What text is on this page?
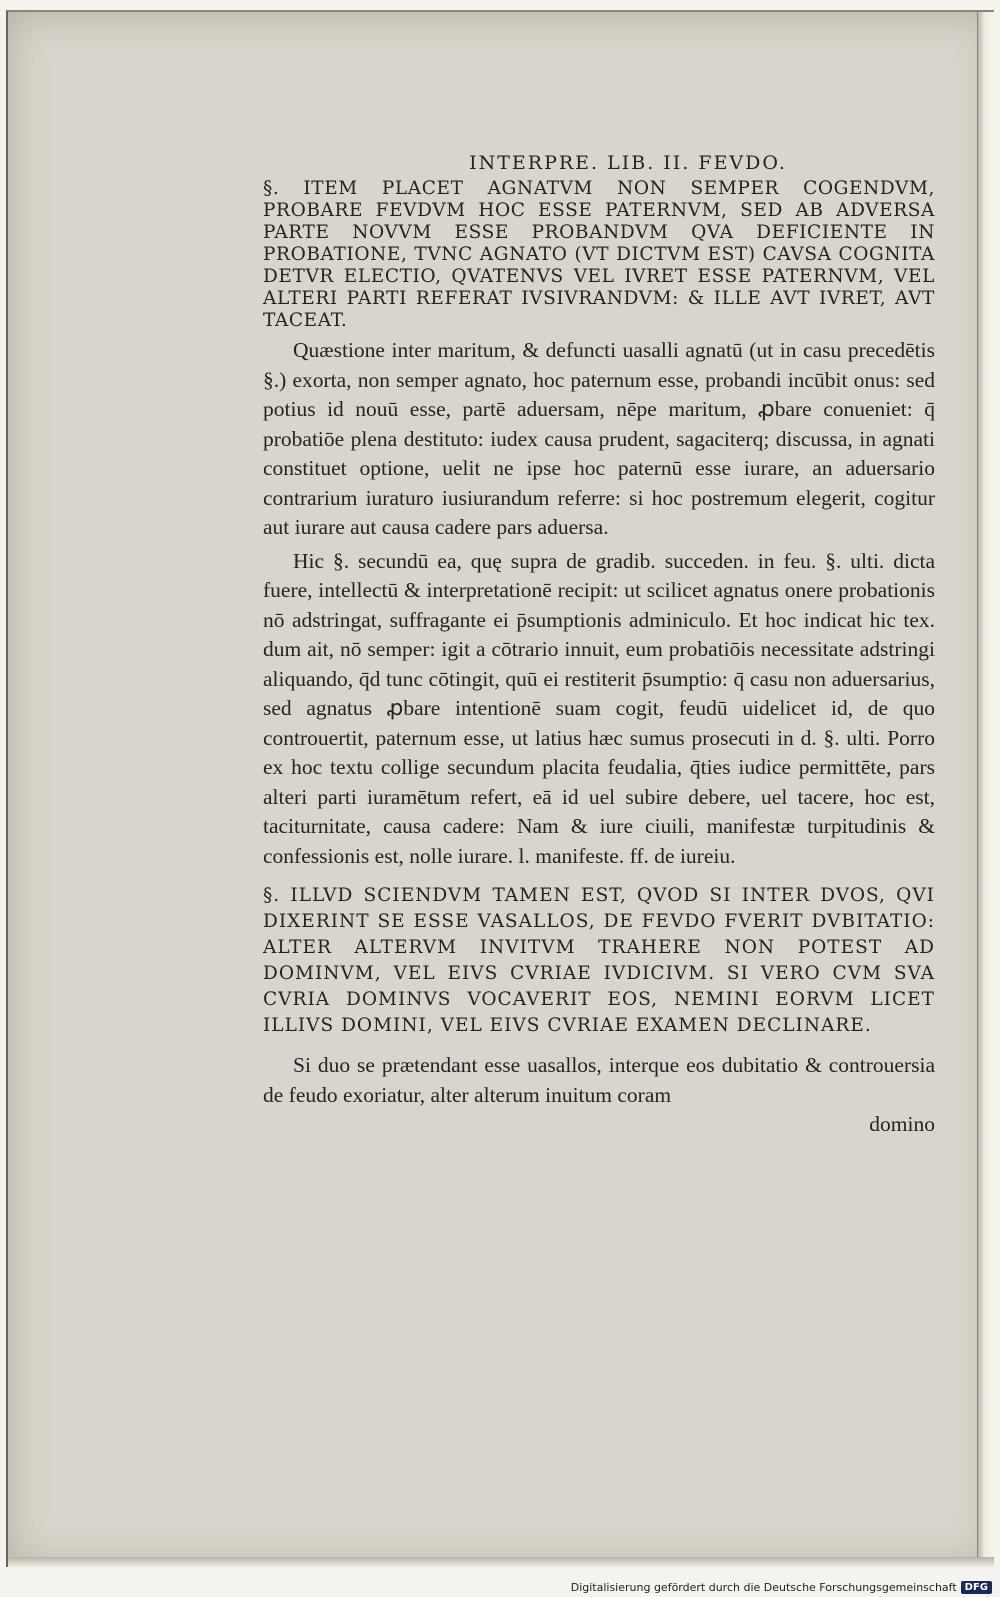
INTERPRE. LIB. II. FEVDO.
§. ITEM PLACET AGNATVM NON SEMPER COGENDVM, PROBARE FEVDVM HOC ESSE PATERNVM, SED AB ADVERSA PARTE NOVVM ESSE PROBANDVM QVA DEFICIENTE IN PROBATIONE, TVNC AGNATO (VT DICTVM EST) CAVSA COGNITA DETVR ELECTIO, QVATENVS VEL IVRET ESSE PATERNVM, VEL ALTERI PARTI REFERAT IVSIVRANDVM: & ILLE AVT IVRET, AVT TACEAT.

Quæstione inter maritum, & defuncti uasalli agnatū (ut in casu precedētis §.) exorta, non semper agnato, hoc paternum esse, probandi incūbit onus: sed potius id nouū esse, partē aduersam, nēpe maritum, ꝓbare conueniet: q̄ probatiōe plena destituto: iudex causa prudent, sagaciterq; discussa, in agnati constituet optione, uelit ne ipse hoc paternū esse iurare, an aduersario contrarium iuraturo iusiurandum referre: si hoc postremum elegerit, cogitur aut iurare aut causa cadere pars aduersa.

Hic §. secundū ea, quę supra de gradib. succeden. in feu. §. ulti. dicta fuere, intellectū & interpretationē recipit: ut scilicet agnatus onere probationis nō adstringat, suffragante ei p̄sumptionis adminiculo. Et hoc indicat hic tex. dum ait, nō semper: igit a cōtrario innuit, eum probatiōis necessitate adstringi aliquando, q̄d tunc cōtingit, quū ei restiterit p̄sumptio: q̄ casu non aduersarius, sed agnatus ꝓbare intentionē suam cogit, feudū uidelicet id, de quo controuertit, paternum esse, ut latius hæc sumus prosecuti in d. §. ulti. Porro ex hoc textu collige secundum placita feudalia, q̄ties iudice permittēte, pars alteri parti iuramētum refert, eā id uel subire debere, uel tacere, hoc est, taciturnitate, causa cadere: Nam & iure ciuili, manifestæ turpitudinis & confessionis est, nolle iurare. l. manifeste. ff. de iureiu.

§. ILLVD SCIENDVM TAMEN EST, QVOD SI INTER DVOS, QVI DIXERINT SE ESSE VASALLOS, DE FEVDO FVERIT DVBITATIO: ALTER ALTERVM INVITVM TRAHERE NON POTEST AD DOMINVM, VEL EIVS CVRIAE IVDICIVM. SI VERO CVM SVA CVRIA DOMINVS VOCAVERIT EOS, NEMINI EORVM LICET ILLIVS DOMINI, VEL EIVS CVRIAE EXAMEN DECLINARE.

Si duo se prætendant esse uasallos, interque eos dubitatio & controuersia de feudo exoriatur, alter alterum inuitum coram

domino
Digitalisierung gefördert durch die Deutsche Forschungsgemeinschaft DFG
